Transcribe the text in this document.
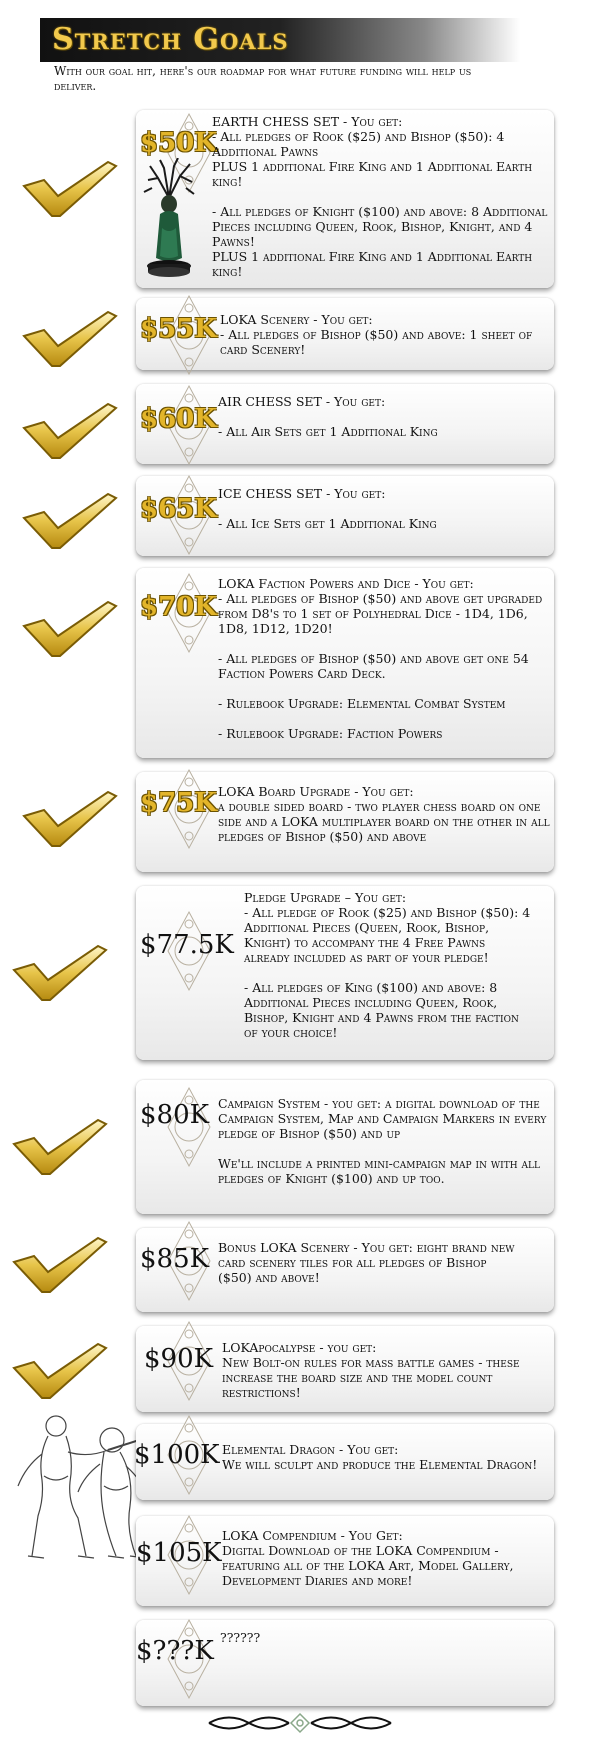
Stretch Goals
With our goal hit, here's our roadmap for what future funding will help us deliver.
$50K
EARTH CHESS SET - You get:
- All pledges of Rook ($25) and Bishop ($50): 4 Additional Pawns
PLUS 1 additional Fire King and 1 Additional Earth king!

- All pledges of Knight ($100) and above: 8 Additional Pieces including Queen, Rook, Bishop, Knight, and 4 Pawns!
PLUS 1 additional Fire King and 1 Additional Earth king!
$55K LOKA Scenery - You get:
- All pledges of Bishop ($50) and above: 1 sheet of card Scenery!
$60K
AIR CHESS SET - You get:

- All Air Sets get 1 Additional King
$65K
ICE CHESS SET - You get:

- All Ice Sets get 1 Additional King
$70K
LOKA Faction Powers and Dice - You get:
- All pledges of Bishop ($50) and above get upgraded from D8's to 1 set of Polyhedral Dice - 1D4, 1D6, 1D8, 1D12, 1D20!

- All pledges of Bishop ($50) and above get one 54 Faction Powers Card Deck.

- Rulebook Upgrade: Elemental Combat System

- Rulebook Upgrade: Faction Powers
$75K LOKA Board Upgrade - You get:
a double sided board - two player chess board on one side and a LOKA multiplayer board on the other in all pledges of Bishop ($50) and above
$77.5K
Pledge Upgrade – You get:
- All pledge of Rook ($25) and Bishop ($50): 4 Additional Pieces (Queen, Rook, Bishop, Knight) to accompany the 4 Free Pawns already included as part of your pledge!

- All pledges of King ($100) and above: 8 Additional Pieces including Queen, Rook, Bishop, Knight and 4 Pawns from the faction of your choice!
$80K Campaign System - you get: a digital download of the Campaign System, Map and Campaign Markers in every pledge of Bishop ($50) and up

We'll include a printed mini-campaign map in with all pledges of Knight ($100) and up too.
$85K Bonus LOKA Scenery - You get: eight brand new card scenery tiles for all pledges of Bishop ($50) and above!
$90K LOKApocalypse - you get:
New Bolt-on rules for mass battle games - these increase the board size and the model count restrictions!
$100K Elemental Dragon - You get:
We will sculpt and produce the Elemental Dragon!
$105K
LOKA Compendium - You Get:
Digital Download of the LOKA Compendium - featuring all of the LOKA Art, Model Gallery, Development Diaries and more!
$???K ??????
